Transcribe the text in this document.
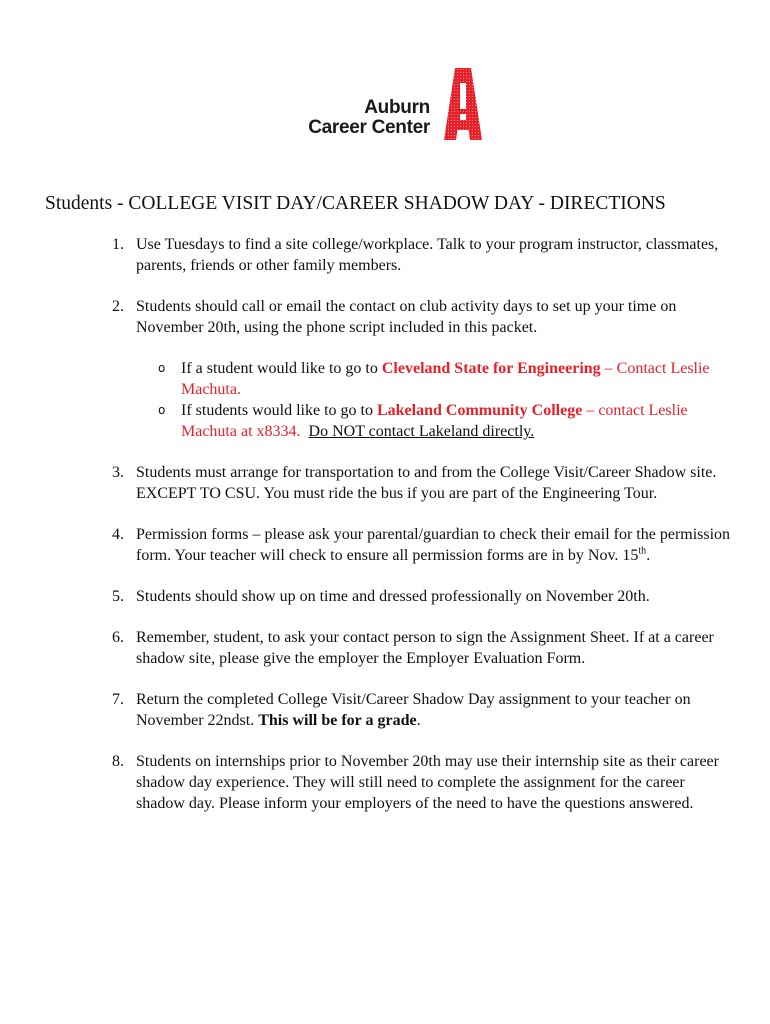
Auburn
Career Center
Students - COLLEGE VISIT DAY/CAREER SHADOW DAY - DIRECTIONS
1. Use Tuesdays to find a site college/workplace. Talk to your program instructor, classmates, parents, friends or other family members.
2. Students should call or email the contact on club activity days to set up your time on November 20th, using the phone script included in this packet.
o If a student would like to go to Cleveland State for Engineering – Contact Leslie Machuta.
o If students would like to go to Lakeland Community College – contact Leslie Machuta at x8334. Do NOT contact Lakeland directly.
3. Students must arrange for transportation to and from the College Visit/Career Shadow site. EXCEPT TO CSU. You must ride the bus if you are part of the Engineering Tour.
4. Permission forms – please ask your parental/guardian to check their email for the permission form. Your teacher will check to ensure all permission forms are in by Nov. 15th.
5. Students should show up on time and dressed professionally on November 20th.
6. Remember, student, to ask your contact person to sign the Assignment Sheet. If at a career shadow site, please give the employer the Employer Evaluation Form.
7. Return the completed College Visit/Career Shadow Day assignment to your teacher on November 22ndst. This will be for a grade.
8. Students on internships prior to November 20th may use their internship site as their career shadow day experience. They will still need to complete the assignment for the career shadow day. Please inform your employers of the need to have the questions answered.
